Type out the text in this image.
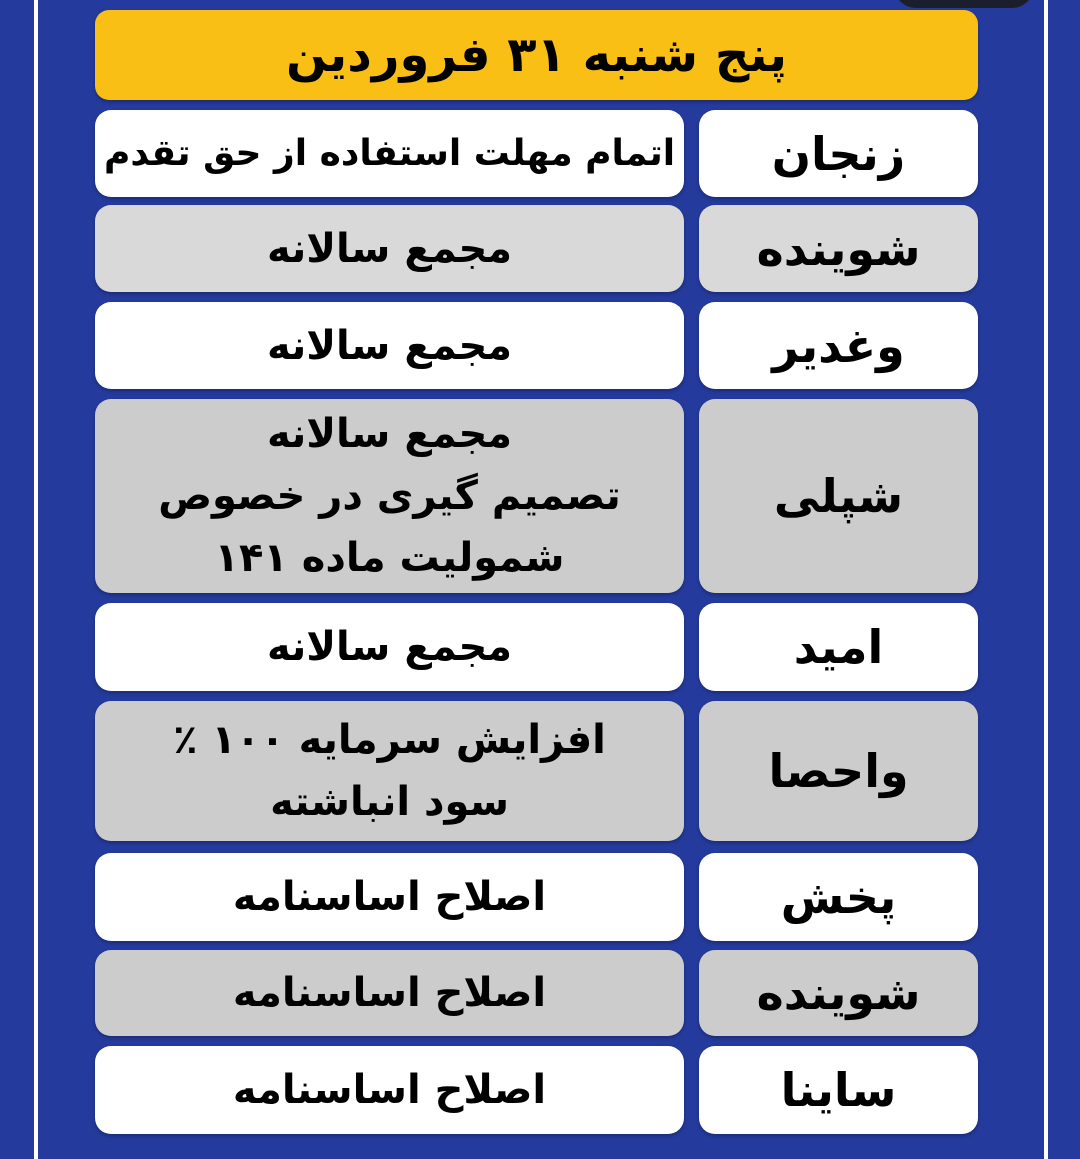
پنج شنبه ۳۱ فروردین
زنجان
اتمام مهلت استفاده از حق تقدم
شوینده
مجمع سالانه
وغدیر
مجمع سالانه
شپلی
مجمع سالانه
تصمیم گیری در خصوص
شمولیت ماده ۱۴۱
امید
مجمع سالانه
واحصا
افزایش سرمایه ۱۰۰ ٪
سود انباشته
پخش
اصلاح اساسنامه
شوینده
اصلاح اساسنامه
ساینا
اصلاح اساسنامه
